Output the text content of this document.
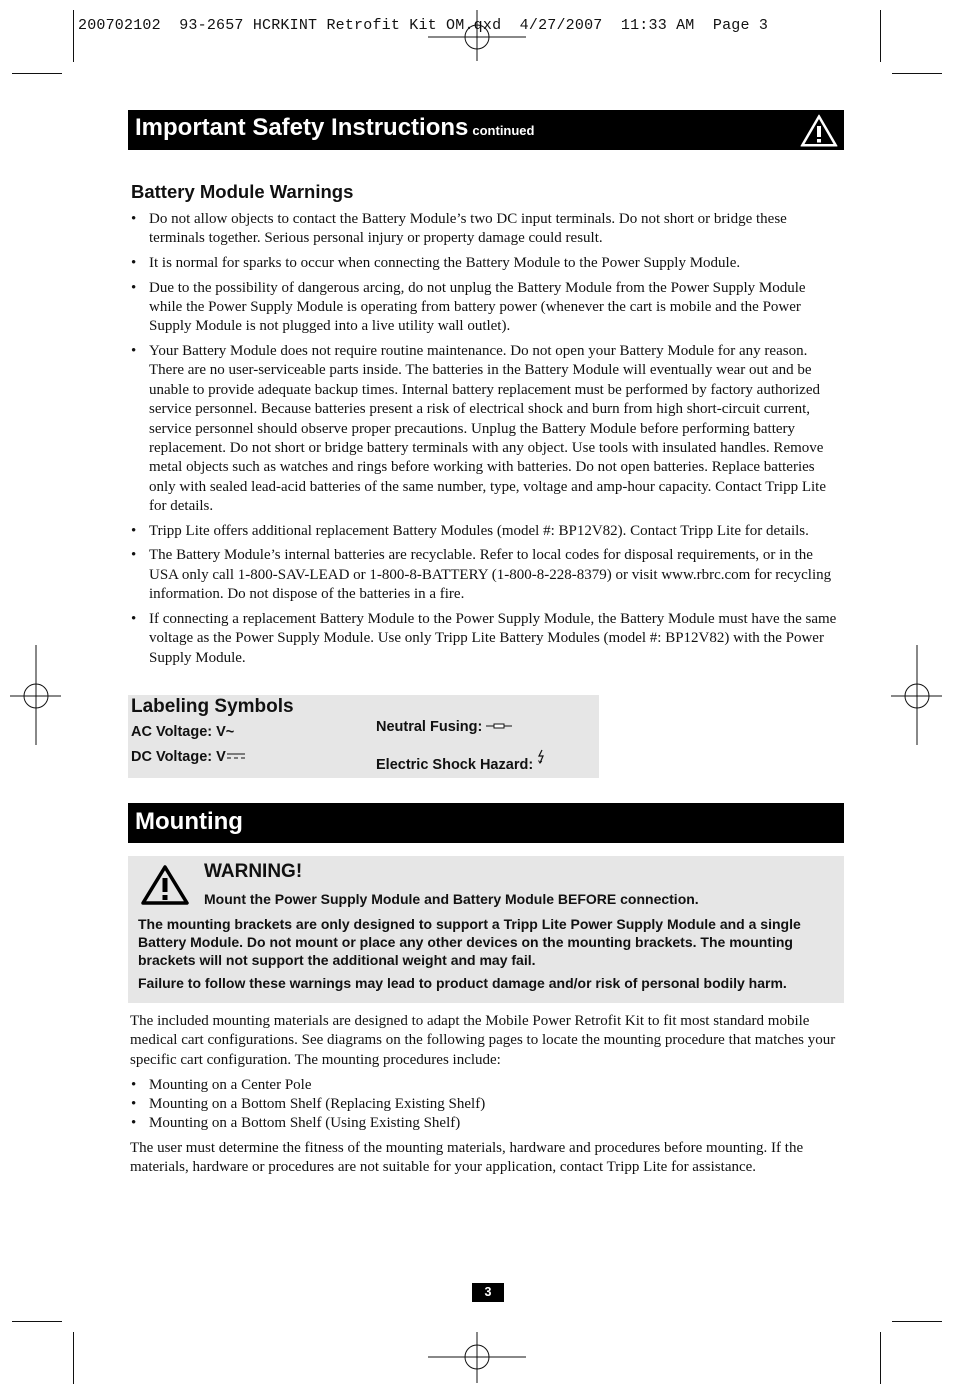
200702102  93-2657 HCRKINT Retrofit Kit OM.qxd  4/27/2007  11:33 AM  Page 3
Important Safety Instructions continued
Battery Module Warnings
• Do not allow objects to contact the Battery Module’s two DC input terminals. Do not short or bridge these terminals together. Serious personal injury or property damage could result.
• It is normal for sparks to occur when connecting the Battery Module to the Power Supply Module.
• Due to the possibility of dangerous arcing, do not unplug the Battery Module from the Power Supply Module while the Power Supply Module is operating from battery power (whenever the cart is mobile and the Power Supply Module is not plugged into a live utility wall outlet).
• Your Battery Module does not require routine maintenance. Do not open your Battery Module for any reason. There are no user-serviceable parts inside. The batteries in the Battery Module will eventually wear out and be unable to provide adequate backup times. Internal battery replacement must be performed by factory authorized service personnel. Because batteries present a risk of electrical shock and burn from high short-circuit current, service personnel should observe proper precautions. Unplug the Battery Module before performing battery replacement. Do not short or bridge battery terminals with any object. Use tools with insulated handles. Remove metal objects such as watches and rings before working with batteries. Do not open batteries. Replace batteries only with sealed lead-acid batteries of the same number, type, voltage and amp-hour capacity. Contact Tripp Lite for details.
• Tripp Lite offers additional replacement Battery Modules (model #: BP12V82). Contact Tripp Lite for details.
• The Battery Module’s internal batteries are recyclable. Refer to local codes for disposal requirements, or in the USA only call 1-800-SAV-LEAD or 1-800-8-BATTERY (1-800-8-228-8379) or visit www.rbrc.com for recycling information. Do not dispose of the batteries in a fire.
• If connecting a replacement Battery Module to the Power Supply Module, the Battery Module must have the same voltage as the Power Supply Module. Use only Tripp Lite Battery Modules (model #: BP12V82) with the Power Supply Module.
Labeling Symbols
AC Voltage: V~
DC Voltage: V
Neutral Fusing:
Electric Shock Hazard:
Mounting
WARNING!
Mount the Power Supply Module and Battery Module BEFORE connection.
The mounting brackets are only designed to support a Tripp Lite Power Supply Module and a single Battery Module. Do not mount or place any other devices on the mounting brackets. The mounting brackets will not support the additional weight and may fail.
Failure to follow these warnings may lead to product damage and/or risk of personal bodily harm.

The included mounting materials are designed to adapt the Mobile Power Retrofit Kit to fit most standard mobile medical cart configurations. See diagrams on the following pages to locate the mounting procedure that matches your specific cart configuration. The mounting procedures include:

• Mounting on a Center Pole
• Mounting on a Bottom Shelf (Replacing Existing Shelf)
• Mounting on a Bottom Shelf (Using Existing Shelf)

The user must determine the fitness of the mounting materials, hardware and procedures before mounting. If the materials, hardware or procedures are not suitable for your application, contact Tripp Lite for assistance.

3
